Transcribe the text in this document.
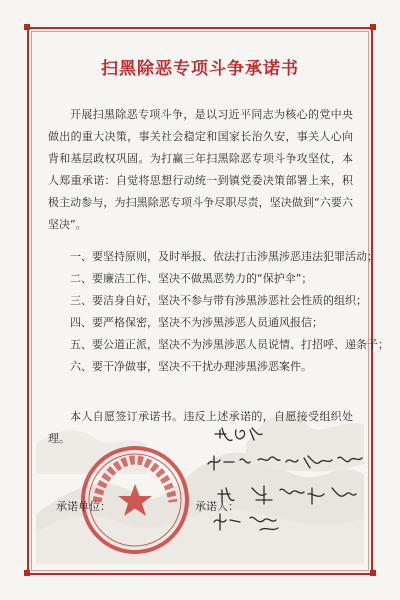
扫黑除恶专项斗争承诺书

开展扫黑除恶专项斗争，是以习近平同志为核心的党中央做出的重大决策，事关社会稳定和国家长治久安，事关人心向背和基层政权巩固。为打赢三年扫黑除恶专项斗争攻坚仗，本人郑重承诺：自觉将思想行动统一到镇党委决策部署上来，积极主动参与，为扫黑除恶专项斗争尽职尽责，坚决做到“六要六坚决”。

一、要坚持原则，及时举报、依法打击涉黑涉恶违法犯罪活动；

二、要廉洁工作、坚决不做黑恶势力的“保护伞”；

三、要洁身自好，坚决不参与带有涉黑涉恶社会性质的组织；

四、要严格保密，坚决不为涉黑涉恶人员通风报信；

五、要公道正派，坚决不为涉黑涉恶人员说情、打招呼、递条子；

六、要干净做事，坚决不干扰办理涉黑涉恶案件。

本人自愿签订承诺书。违反上述承诺的，自愿接受组织处理。

承诺单位：	承诺人：
